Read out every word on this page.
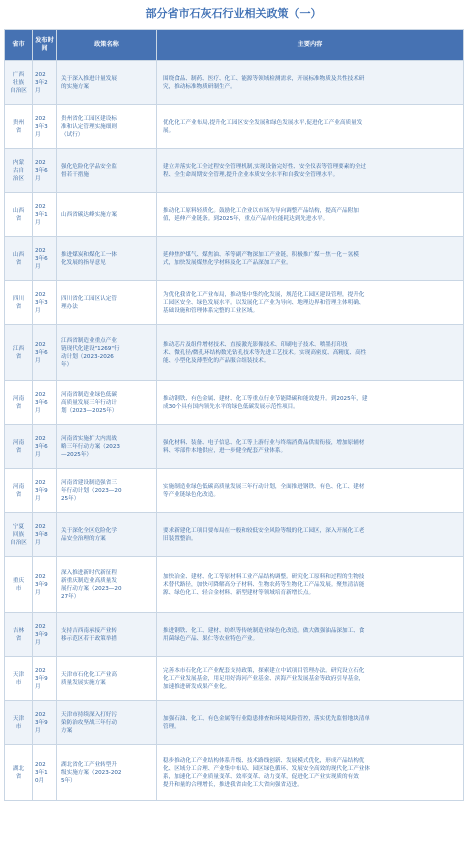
部分省市石灰石行业相关政策（一）
省市	发布时间	政策名称	主要内容
广西
壮族
自治区	202
3年2
月	关于深入推进计量发展
的实施方案	围绕食品、制药、医疗、化工、能源等领域检测需求，开展标准物质及共性技术研
究，推动标准物质研制生产。
贵州
省	202
3年3
月	贵州省化工园区建设标
准和认定管理实施细则
（试行）	优化化工产业布局,提升化工园区安全发展和绿色发展水平,促进化工产业高质量发
展。
内蒙
古自
治区	202
3年6
月	强化危险化学品安全监
督若干措施	建立并落实化工全过程安全管理机制,实现设备完好性、安全仪表等管理要素的全过
程、全生命周期安全管理,提升企业本质安全水平和自我安全管理水平。
山西
省	202
3年1
月	山西省碳达峰实施方案	推动化工原料轻质化。鼓励化工企业以市场为导向调整产品结构，提高产品附加
值，延伸产业链条。到2025年，重点产品单位能耗达到先进水平。
山西
省	202
3年6
月	推进煤炭和煤化工一体
化发展的指导意见	延伸焦炉煤气、煤焦油、苯等副产物深加工产业链，积极推广煤－焦－化－氢模
式，加快发展煤焦化学材料及化工产品深加工产业。
四川
省	202
3年3
月	四川省化工园区认定管
理办法	为优化我省化工产业布局，推动集中集约化发展，规范化工园区建设管理，提升化
工园区安全、绿色发展水平。以发展化工产业为导向、地理边界和管理主体明确、
基础设施和管理体系完整的工业区域。
江西
省	202
3年6
月	江西省制造业重点产业
链现代化建设"1269"行
动计划（2023-2026
年）	推动芯片及组件增材技术、直接激光影像技术、印刷电子技术、喷墨打印技
术、微孔径/微孔环结构数光钻孔技术等先进工艺技术。实现高密度、高精度、高性
能、小型化及薄型化的产品服合组装技术。
河南
省	202
3年6
月	河南省制造业绿色低碳
高质量发展三年行动计
划（2023—2025年）	推动钢铁、有色金属、建材、化工等重点行业节能降碳和能效提升。到2025年，建
成30个具有国内领先水平的绿色低碳发展示范性项目。
河南
省	202
3年6
月	河南省实施扩大内需战
略三年行动方案（2023
—2025年）	强化材料、装备、电子信息、化工等上游行业与终端消费品供需衔接，增加原辅材
料、零部件本地供应，进一步健全配套产业体系。
河南
省	202
3年9
月	河南省建设制造强省三
年行动计划（2023—20
25年）	实施制造业绿色低碳高质量发展三年行动计划，全面推进钢铁、有色、化工、建材
等产业链绿色化改造。
宁夏
回族
自治区	202
3年8
月	关于深化全区危险化学
品安全治理的方案	要求新建化工项目要布局在一般和较低安全风险等级的化工园区，深入开展化工老
旧装置整治。
重庆
市	202
3年9
月	深入推进新时代新征程
新重庆制造业高质量发
展行动方案（2023—20
27年）	加快冶金、建材、化工等原材料工业产品结构调整。研究化工原料和过程的生物技
术替代路径，加快可降解高分子材料、生物农药等生物化工产品发展。聚焦清洁能
源、绿色化工、轻合金材料、新型建材等领域培育新增长点。
吉林
省	202
3年9
月	支持吉西南承接产业转
移示范区若干政策举措	推进钢铁、化工、建材、纺织等传统制造业绿色化改造。做大做强油品深加工、食
用菌绿色产品、果仁等农业特色产业。
天津
市	202
3年9
月	天津市石化化工产业高
质量发展实施方案	完善本市石化化工产业配套支持政策，探索建立中试项目管理办法。研究设立石化
化工产业发展基金，用足用好海河产业基金、滨海产业发展基金等政府引导基金，
加速推进研发成果产业化。
天津
市	202
3年9
月	天津市持续深入打好污
染防治攻坚战三年行动
方案	加强石油、化工、有色金属等行业隐患排查和环境风险管控，落实优先监督地块清单
管理。
湖北
省	202
3年1
0月	湖北省化工产业转型升
级实施方案（2023-202
5年）	稳步推动化工产业结构体系升级、技术路线创新、发展模式优化，形成产品结构优
化、区域分工合理、产业集中布局、园区绿色循环、发展安全高效的现代化工产业体
系，加速化工产业质量变革、效率变革、动力变革，促进化工产业实现质的有效
提升和量的合理增长，推进我省由化工大省向强省迈进。
